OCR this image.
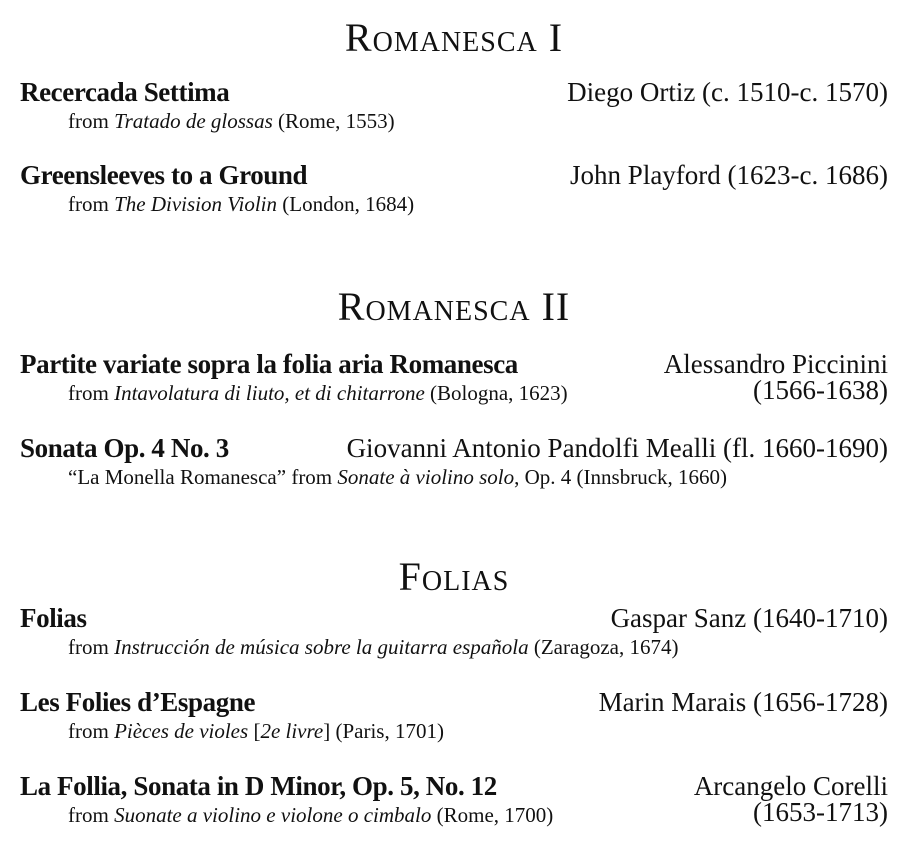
Romanesca I
Recercada Settima	Diego Ortiz (c. 1510-c. 1570)
from Tratado de glossas (Rome, 1553)
Greensleeves to a Ground	John Playford (1623-c. 1686)
from The Division Violin (London, 1684)
Romanesca II
Partite variate sopra la folia aria Romanesca	Alessandro Piccinini
from Intavolatura di liuto, et di chitarrone (Bologna, 1623)	(1566-1638)
Sonata Op. 4 No. 3	Giovanni Antonio Pandolfi Mealli (fl. 1660-1690)
“La Monella Romanesca” from Sonate à violino solo, Op. 4 (Innsbruck, 1660)
Folias
Folias	Gaspar Sanz (1640-1710)
from Instrucción de música sobre la guitarra española (Zaragoza, 1674)
Les Folies d’Espagne	Marin Marais (1656-1728)
from Pièces de violes [2e livre] (Paris, 1701)
La Follia, Sonata in D Minor, Op. 5, No. 12	Arcangelo Corelli
from Suonate a violino e violone o cimbalo (Rome, 1700)	(1653-1713)
